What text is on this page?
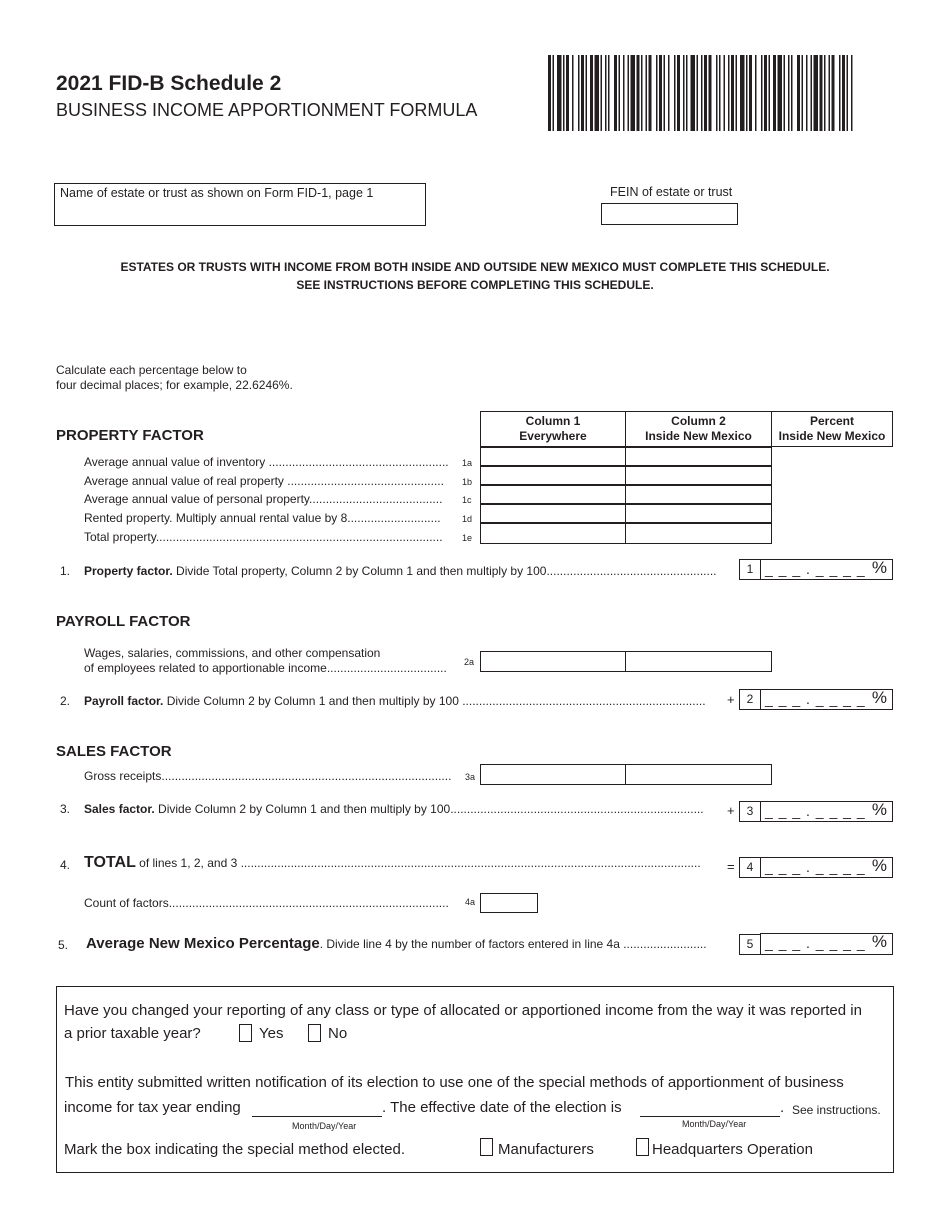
2021 FID-B Schedule 2
BUSINESS INCOME APPORTIONMENT FORMULA
Name of estate or trust as shown on Form FID-1, page 1	FEIN of estate or trust
ESTATES OR TRUSTS WITH INCOME FROM BOTH INSIDE AND OUTSIDE NEW MEXICO MUST COMPLETE THIS SCHEDULE.
SEE INSTRUCTIONS BEFORE COMPLETING THIS SCHEDULE.
Calculate each percentage below to
four decimal places; for example, 22.6246%.
PROPERTY FACTOR
Column 1
Everywhere
Column 2
Inside New Mexico
Percent
Inside New Mexico
Average annual value of inventory ......................................................	1a
Average annual value of real property ...............................................	1b
Average annual value of personal property........................................	1c
Rented property. Multiply annual rental value by 8............................	1d
Total property......................................................................................	1e
1. Property factor. Divide Total property, Column 2 by Column 1 and then multiply by 100...................................................	1 _ _ _ . _ _ _ _ %
PAYROLL FACTOR
Wages, salaries, commissions, and other compensation
of employees related to apportionable income....................................	2a
2. Payroll factor. Divide Column 2 by Column 1 and then multiply by 100 .........................................................................	+	2 _ _ _ . _ _ _ _ %
SALES FACTOR
Gross receipts.......................................................................................	3a
3. Sales factor. Divide Column 2 by Column 1 and then multiply by 100............................................................................	+	3 _ _ _ . _ _ _ _ %
4. TOTAL of lines 1, 2, and 3 ..........................................................................................................................................	=	4 _ _ _ . _ _ _ _ %
Count of factors....................................................................................	4a
5. Average New Mexico Percentage. Divide line 4 by the number of factors entered in line 4a .........................	5 _ _ _ . _ _ _ _ %
Have you changed your reporting of any class or type of allocated or apportioned income from the way it was reported in
a prior taxable year?	Yes	No
This entity submitted written notification of its election to use one of the special methods of apportionment of business
income for tax year ending	. The effective date of the election is	. See instructions.
Month/Day/Year	Month/Day/Year
Mark the box indicating the special method elected.	Manufacturers	Headquarters Operation
